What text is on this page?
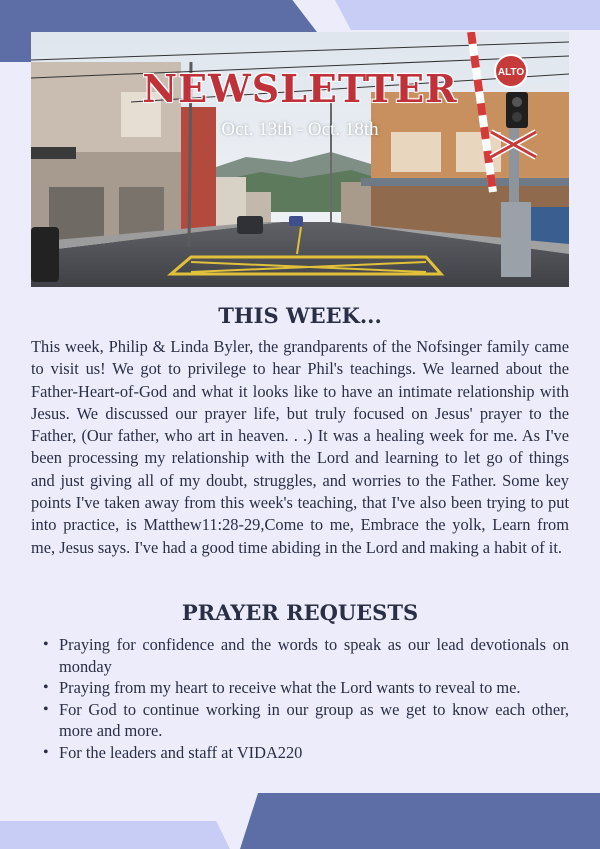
ALTO
NEWSLETTER
Oct. 13th - Oct. 18th
THIS WEEK...

This week, Philip & Linda Byler, the grandparents of the Nofsinger family came to visit us! We got to privilege to hear Phil's teachings. We learned about the Father-Heart-of-God and what it looks like to have an intimate relationship with Jesus. We discussed our prayer life, but truly focused on Jesus' prayer to the Father, (Our father, who art in heaven. . .) It was a healing week for me. As I've been processing my relationship with the Lord and learning to let go of things and just giving all of my doubt, struggles, and worries to the Father. Some key points I've taken away from this week's teaching, that I've also been trying to put into practice, is Matthew11:28-29,Come to me, Embrace the yolk, Learn from me, Jesus says. I've had a good time abiding in the Lord and making a habit of it.

PRAYER REQUESTS
• Praying for confidence and the words to speak as our lead devotionals on monday
• Praying from my heart to receive what the Lord wants to reveal to me.
• For God to continue working in our group as we get to know each other, more and more.
• For the leaders and staff at VIDA220
